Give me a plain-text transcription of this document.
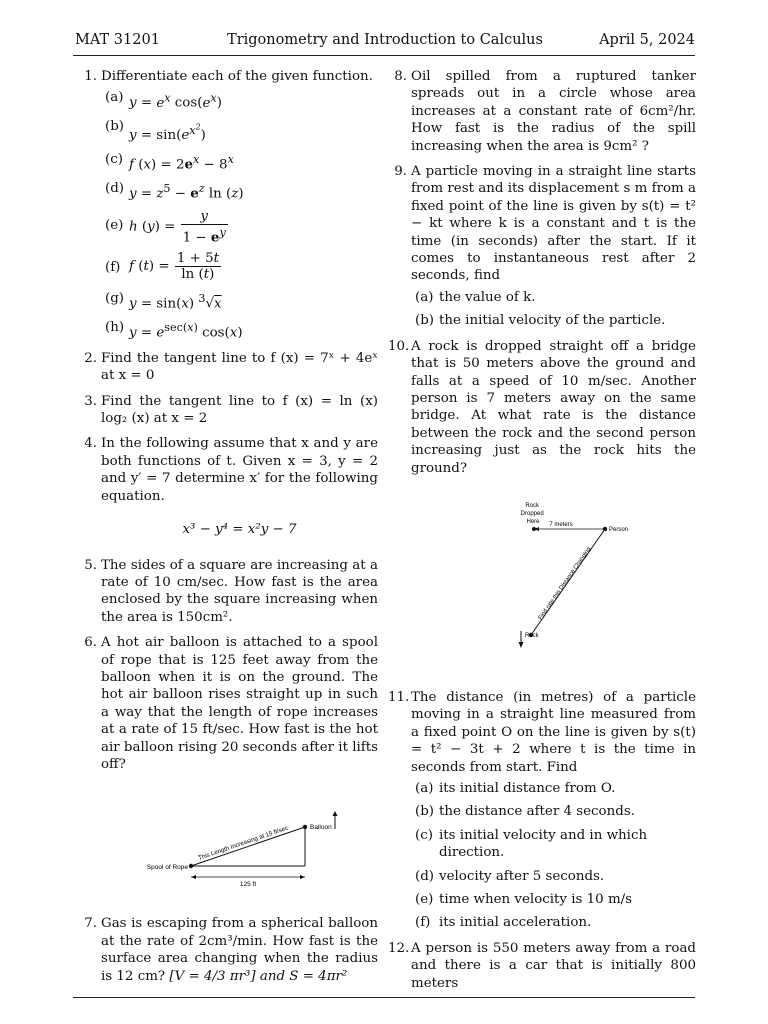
MAT 31201	Trigonometry and Introduction to Calculus	April 5, 2024
1. Differentiate each of the given function.
(a) $y = e^x$ $\cos(e^x)$
(b)
$y = \sin(e^{x^2})$
(c) f $(x) = 2e^x - 8^x$
(d) $y = z^5 - e^z$ ln (z)
(e) h $(y) = \frac{y}{1 - e^y}$
(f) f $(t) = \frac{1 + 5t}{\ln (t)}$
(g) y = sin(x) $^3$√x
(h) $y = e^{sec(x)}$ cos(x)
2. Find the tangent line to f (x) = 7ˣ + 4eˣ at x = 0
3. Find the tangent line to f (x) = ln (x) log₂ (x) at x = 2
4. In the following assume that x and y are both functions of t. Given x = 3, y = 2 and y′ = 7 determine x′ for the following equation.
x³ − y⁴ = x²y − 7
5. The sides of a square are increasing at a rate of 10 cm/sec. How fast is the area enclosed by the square increasing when the area is 150cm².
6. A hot air balloon is attached to a spool of rope that is 125 feet away from the balloon when it is on the ground. The hot air balloon rises straight up in such a way that the length of rope increases at a rate of 15 ft/sec. How fast is the hot air balloon rising 20 seconds after it lifts off?
Spool of Rope
Balloon
This Length Increasing at 15 ft/sec
125 ft
7. Gas is escaping from a spherical balloon at the rate of 2cm³/min. How fast is the surface area changing when the radius is 12 cm? [V = 4/3 πr³] and S = 4πr²
8. Oil spilled from a ruptured tanker spreads out in a circle whose area increases at a constant rate of 6cm²/hr. How fast is the radius of the spill increasing when the area is 9cm² ?
9. A particle moving in a straight line starts from rest and its displacement s m from a fixed point of the line is given by s(t) = t² − kt where k is a constant and t is the time (in seconds) after the start. If it comes to instantaneous rest after 2 seconds, find
(a) the value of k.
(b) the initial velocity of the particle.
10. A rock is dropped straight off a bridge that is 50 meters above the ground and falls at a speed of 10 m/sec. Another person is 7 meters away on the same bridge. At what rate is the distance between the rock and the second person increasing just as the rock hits the ground?
Rock Dropped Here	7 meters
Person
Find rate this Distance Changing
Rock
11. The distance (in metres) of a particle moving in a straight line measured from a fixed point O on the line is given by s(t) = t² − 3t + 2 where t is the time in seconds from start. Find
(a) its initial distance from O.
(b) the distance after 4 seconds.
(c) its initial velocity and in which direction.
(d) velocity after 5 seconds.
(e) time when velocity is 10 m/s
(f) its initial acceleration.
12. A person is 550 meters away from a road and there is a car that is initially 800 meters
